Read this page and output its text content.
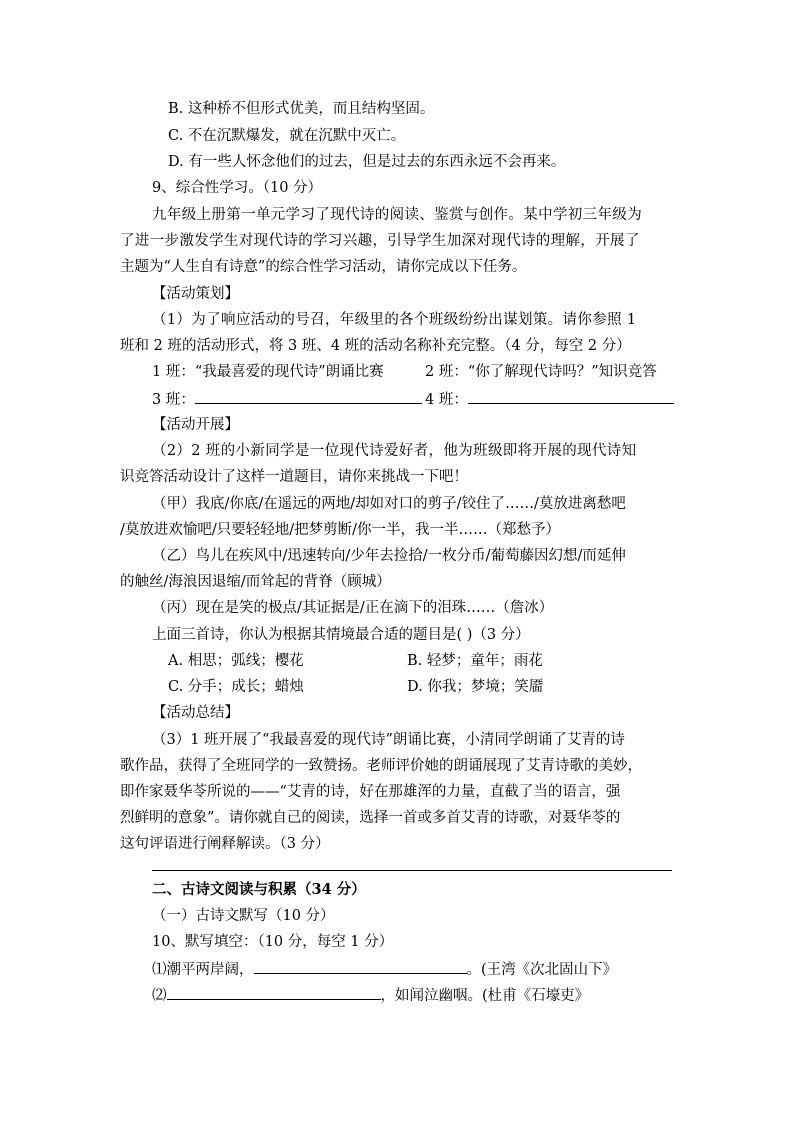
B. 这种桥不但形式优美，而且结构坚固。
C. 不在沉默爆发，就在沉默中灭亡。
D. 有一些人怀念他们的过去，但是过去的东西永远不会再来。
9、综合性学习。（10 分）
九年级上册第一单元学习了现代诗的阅读、鉴赏与创作。某中学初三年级为
了进一步激发学生对现代诗的学习兴趣，引导学生加深对现代诗的理解，开展了
主题为“人生自有诗意”的综合性学习活动，请你完成以下任务。
【活动策划】
（1）为了响应活动的号召，年级里的各个班级纷纷出谋划策。请你参照 1
班和 2 班的活动形式，将 3 班、4 班的活动名称补充完整。（4 分，每空 2 分）
1 班：“我最喜爱的现代诗”朗诵比赛	2 班：“你了解现代诗吗？”知识竞答
3 班：	4 班：
【活动开展】
（2）2 班的小新同学是一位现代诗爱好者，他为班级即将开展的现代诗知
识竞答活动设计了这样一道题目，请你来挑战一下吧！
（甲）我底/你底/在遥远的两地/却如对口的剪子/铰住了……/莫放进离愁吧
/莫放进欢愉吧/只要轻轻地/把梦剪断/你一半，我一半……（郑愁予）
（乙）鸟儿在疾风中/迅速转向/少年去捡拾/一枚分币/葡萄藤因幻想/而延伸
的触丝/海浪因退缩/而耸起的背脊（顾城）
（丙）现在是笑的极点/其证据是/正在滴下的泪珠……（詹冰）
上面三首诗，你认为根据其情境最合适的题目是( )（3 分）
A. 相思；弧线；樱花	B. 轻梦；童年；雨花
C. 分手；成长；蜡烛	D. 你我；梦境；笑靥
【活动总结】
（3）1 班开展了“我最喜爱的现代诗”朗诵比赛，小清同学朗诵了艾青的诗
歌作品，获得了全班同学的一致赞扬。老师评价她的朗诵展现了艾青诗歌的美妙，
即作家聂华苓所说的——“艾青的诗，好在那雄浑的力量，直截了当的语言，强
烈鲜明的意象”。请你就自己的阅读，选择一首或多首艾青的诗歌，对聂华苓的
这句评语进行阐释解读。（3 分）
二、古诗文阅读与积累（34 分）
（一）古诗文默写（10 分）
10、默写填空：（10 分，每空 1 分）
⑴潮平两岸阔，	。(王湾《次北固山下》
⑵	，如闻泣幽咽。(杜甫《石壕吏》
